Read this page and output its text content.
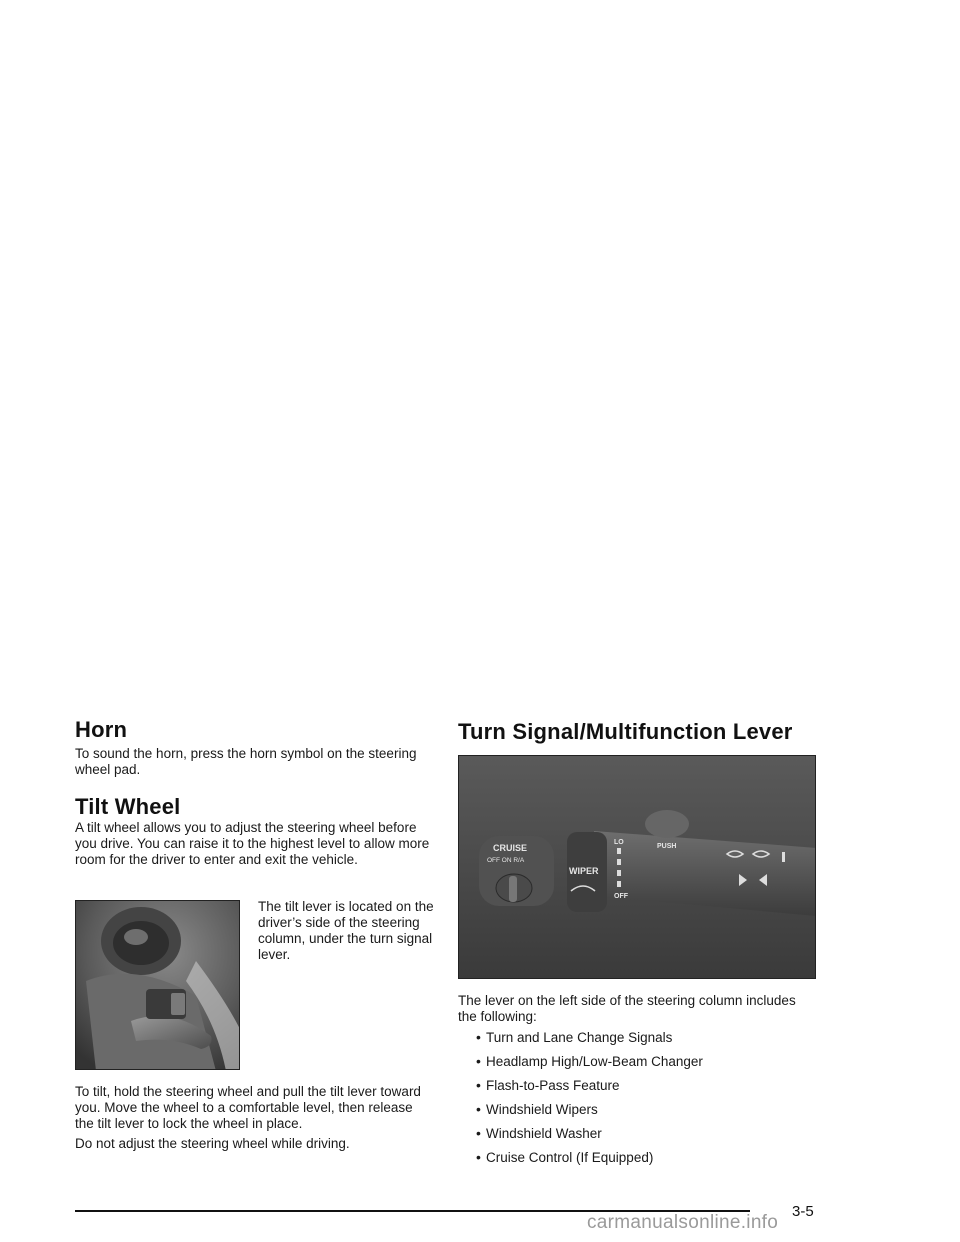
Horn

To sound the horn, press the horn symbol on the steering wheel pad.

Tilt Wheel

A tilt wheel allows you to adjust the steering wheel before you drive. You can raise it to the highest level to allow more room for the driver to enter and exit the vehicle.

The tilt lever is located on the driver’s side of the steering column, under the turn signal lever.

To tilt, hold the steering wheel and pull the tilt lever toward you. Move the wheel to a comfortable level, then release the tilt lever to lock the wheel in place.

Do not adjust the steering wheel while driving.

Turn Signal/Multifunction Lever
CRUISE
OFF ON R/A
WIPER
PUSH
LO
OFF

The lever on the left side of the steering column includes the following:

• Turn and Lane Change Signals
• Headlamp High/Low-Beam Changer
• Flash-to-Pass Feature
• Windshield Wipers
• Windshield Washer
• Cruise Control (If Equipped)
3-5
carmanualsonline.info
